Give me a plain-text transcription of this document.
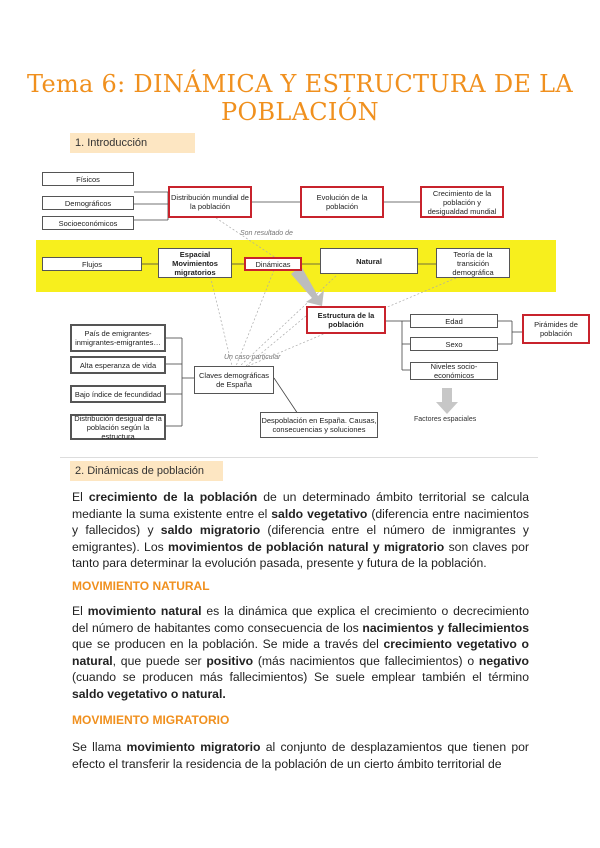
Tema 6: DINÁMICA Y ESTRUCTURA DE LA POBLACIÓN
1. Introducción
Físicos
Demográficos
Socioeconómicos
Distribución mundial de la población
Evolución de la población
Crecimiento de la población y desigualdad mundial
Son resultado de
Flujos
Espacial Movimientos migratorios
Dinámicas	Natural
Teoría de la transición demográfica
Estructura de la población	Edad
Sexo
Niveles socio-económicos
Pirámides de población
Factores espaciales
Un caso particular
Claves demográficas de España
Despoblación en España. Causas, consecuencias y soluciones
País de emigrantes-inmigrantes-emigrantes…
Alta esperanza de vida
Bajo índice de fecundidad
Distribución desigual de la población según la estructura
2. Dinámicas de población
El crecimiento de la población de un determinado ámbito territorial se calcula mediante la suma existente entre el saldo vegetativo (diferencia entre nacimientos y fallecidos) y saldo migratorio (diferencia entre el número de inmigrantes y emigrantes). Los movimientos de población natural y migratorio son claves por tanto para determinar la evolución pasada, presente y futura de la población.
MOVIMIENTO NATURAL
El movimiento natural es la dinámica que explica el crecimiento o decrecimiento del número de habitantes como consecuencia de los nacimientos y fallecimientos que se producen en la población. Se mide a través del crecimiento vegetativo o natural, que puede ser positivo (más nacimientos que fallecimientos) o negativo (cuando se producen más fallecimientos) Se suele emplear también el término saldo vegetativo o natural.
MOVIMIENTO MIGRATORIO
Se llama movimiento migratorio al conjunto de desplazamientos que tienen por efecto el transferir la residencia de la población de un cierto ámbito territorial de
